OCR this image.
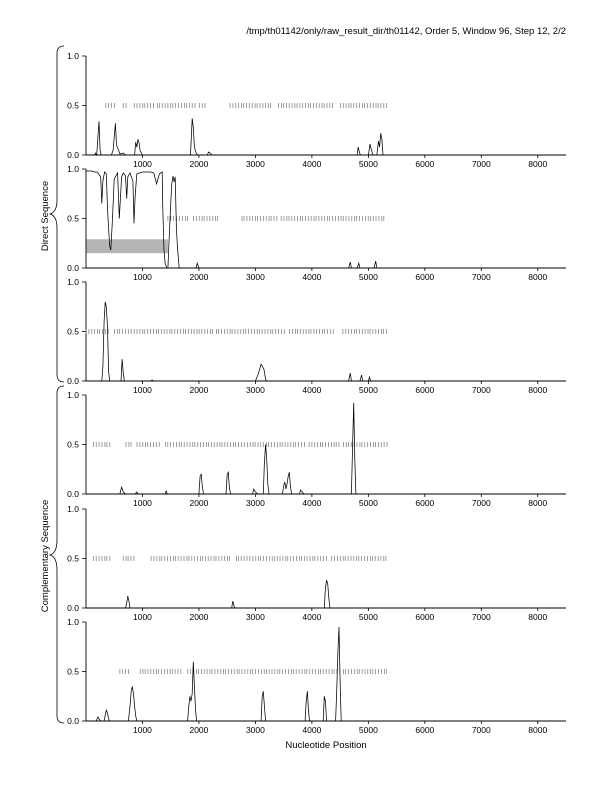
/tmp/th01142/only/raw_result_dir/th01142, Order 5, Window 96, Step 12, 2/2
Direct Sequence
Complementary Sequence
Nucleotide Position
0.0
0.5
1.0
1000	2000	3000	4000	5000	6000	7000	8000
0.0
0.5
1.0
1000	2000	3000	4000	5000	6000	7000	8000
0.0
0.5
1.0
1000	2000	3000	4000	5000	6000	7000	8000
0.0
0.5
1.0
1000	2000	3000	4000	5000	6000	7000	8000
0.0
0.5
1.0
1000	2000	3000	4000	5000	6000	7000	8000
0.0
0.5
1.0
1000	2000	3000	4000	5000	6000	7000	8000
